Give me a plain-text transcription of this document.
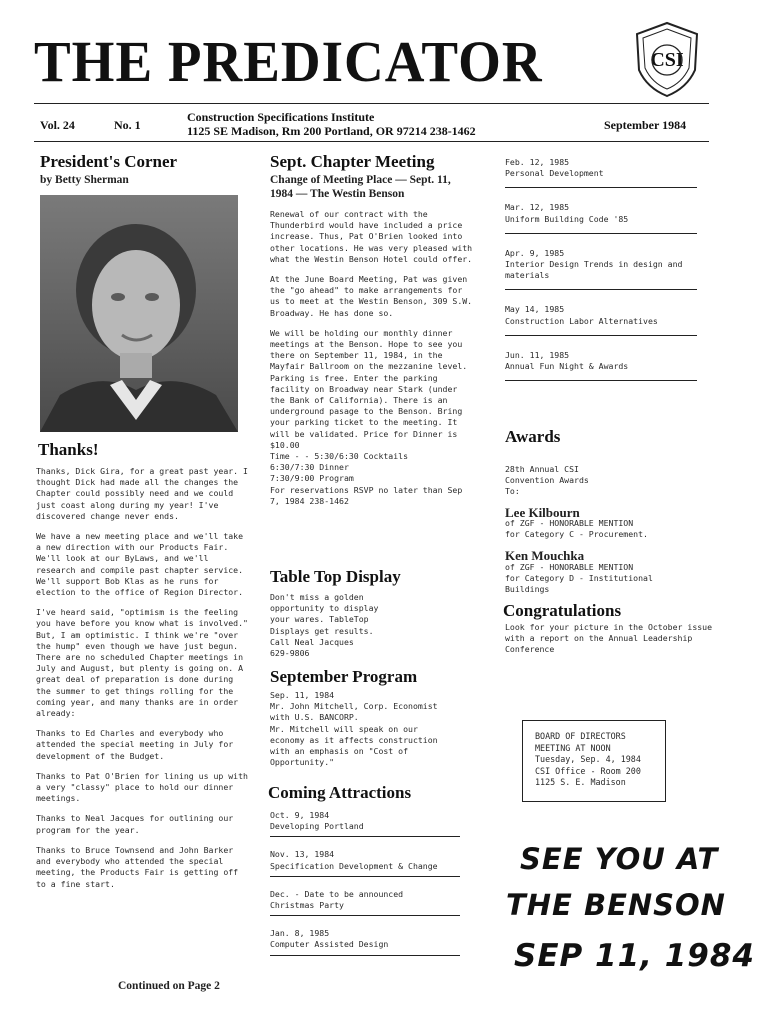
THE PREDICATOR	CSI
Vol. 24	No. 1
Construction Specifications Institute
1125 SE Madison, Rm 200 Portland, OR 97214 238-1462	September 1984
President's Corner
by Betty Sherman
Thanks!

Thanks, Dick Gira, for a great past year. I thought Dick had made all the changes the Chapter could possibly need and we could just coast along during my year! I've discovered change never ends.

We have a new meeting place and we'll take a new direction with our Products Fair. We'll look at our ByLaws, and we'll research and compile past chapter service. We'll support Bob Klas as he runs for election to the office of Region Director.

I've heard said, "optimism is the feeling you have before you know what is involved." But, I am optimistic. I think we're "over the hump" even though we have just begun. There are no scheduled Chapter meetings in July and August, but plenty is going on. A great deal of preparation is done during the summer to get things rolling for the coming year, and many thanks are in order already:

Thanks to Ed Charles and everybody who attended the special meeting in July for development of the Budget.

Thanks to Pat O'Brien for lining us up with a very "classy" place to hold our dinner meetings.

Thanks to Neal Jacques for outlining our program for the year.

Thanks to Bruce Townsend and John Barker and everybody who attended the special meeting, the Products Fair is getting off to a fine start.

Continued on Page 2
Sept. Chapter Meeting
Change of Meeting Place — Sept. 11, 1984 — The Westin Benson

Renewal of our contract with the Thunderbird would have included a price increase. Thus, Pat O'Brien looked into other locations. He was very pleased with what the Westin Benson Hotel could offer.

At the June Board Meeting, Pat was given the "go ahead" to make arrangements for us to meet at the Westin Benson, 309 S.W. Broadway. He has done so.

We will be holding our monthly dinner meetings at the Benson. Hope to see you there on September 11, 1984, in the Mayfair Ballroom on the mezzanine level. Parking is free. Enter the parking facility on Broadway near Stark (under the Bank of California). There is an underground pasage to the Benson. Bring your parking ticket to the meeting. It will be validated. Price for Dinner is $10.00
Time - - 5:30/6:30 Cocktails
6:30/7:30 Dinner
7:30/9:00 Program
For reservations RSVP no later than Sep 7, 1984 238-1462

Table Top Display
Don't miss a golden
opportunity to display
your wares. TableTop
Displays get results.
Call Neal Jacques
629-9806
September Program
Sep. 11, 1984
Mr. John Mitchell, Corp. Economist
with U.S. BANCORP.
Mr. Mitchell will speak on our
economy as it affects construction
with an emphasis on "Cost of
Opportunity."
Coming Attractions
Oct. 9, 1984
Developing Portland
Nov. 13, 1984
Specification Development & Change
Dec. - Date to be announced
Christmas Party
Jan. 8, 1985
Computer Assisted Design
Feb. 12, 1985
Personal Development
Mar. 12, 1985
Uniform Building Code '85
Apr. 9, 1985
Interior Design Trends in design and materials
May 14, 1985
Construction Labor Alternatives
Jun. 11, 1985
Annual Fun Night & Awards
Awards
28th Annual CSI
Convention Awards
To:
Lee Kilbourn
of ZGF - HONORABLE MENTION
for Category C - Procurement.
Ken Mouchka
of ZGF - HONORABLE MENTION
for Category D - Institutional
Buildings
Congratulations
Look for your picture in the October issue with a report on the Annual Leadership Conference
BOARD OF DIRECTORS
MEETING AT NOON
Tuesday, Sep. 4, 1984
CSI Office - Room 200
1125 S. E. Madison
SEE YOU AT
THE BENSON
SEP 11, 1984
